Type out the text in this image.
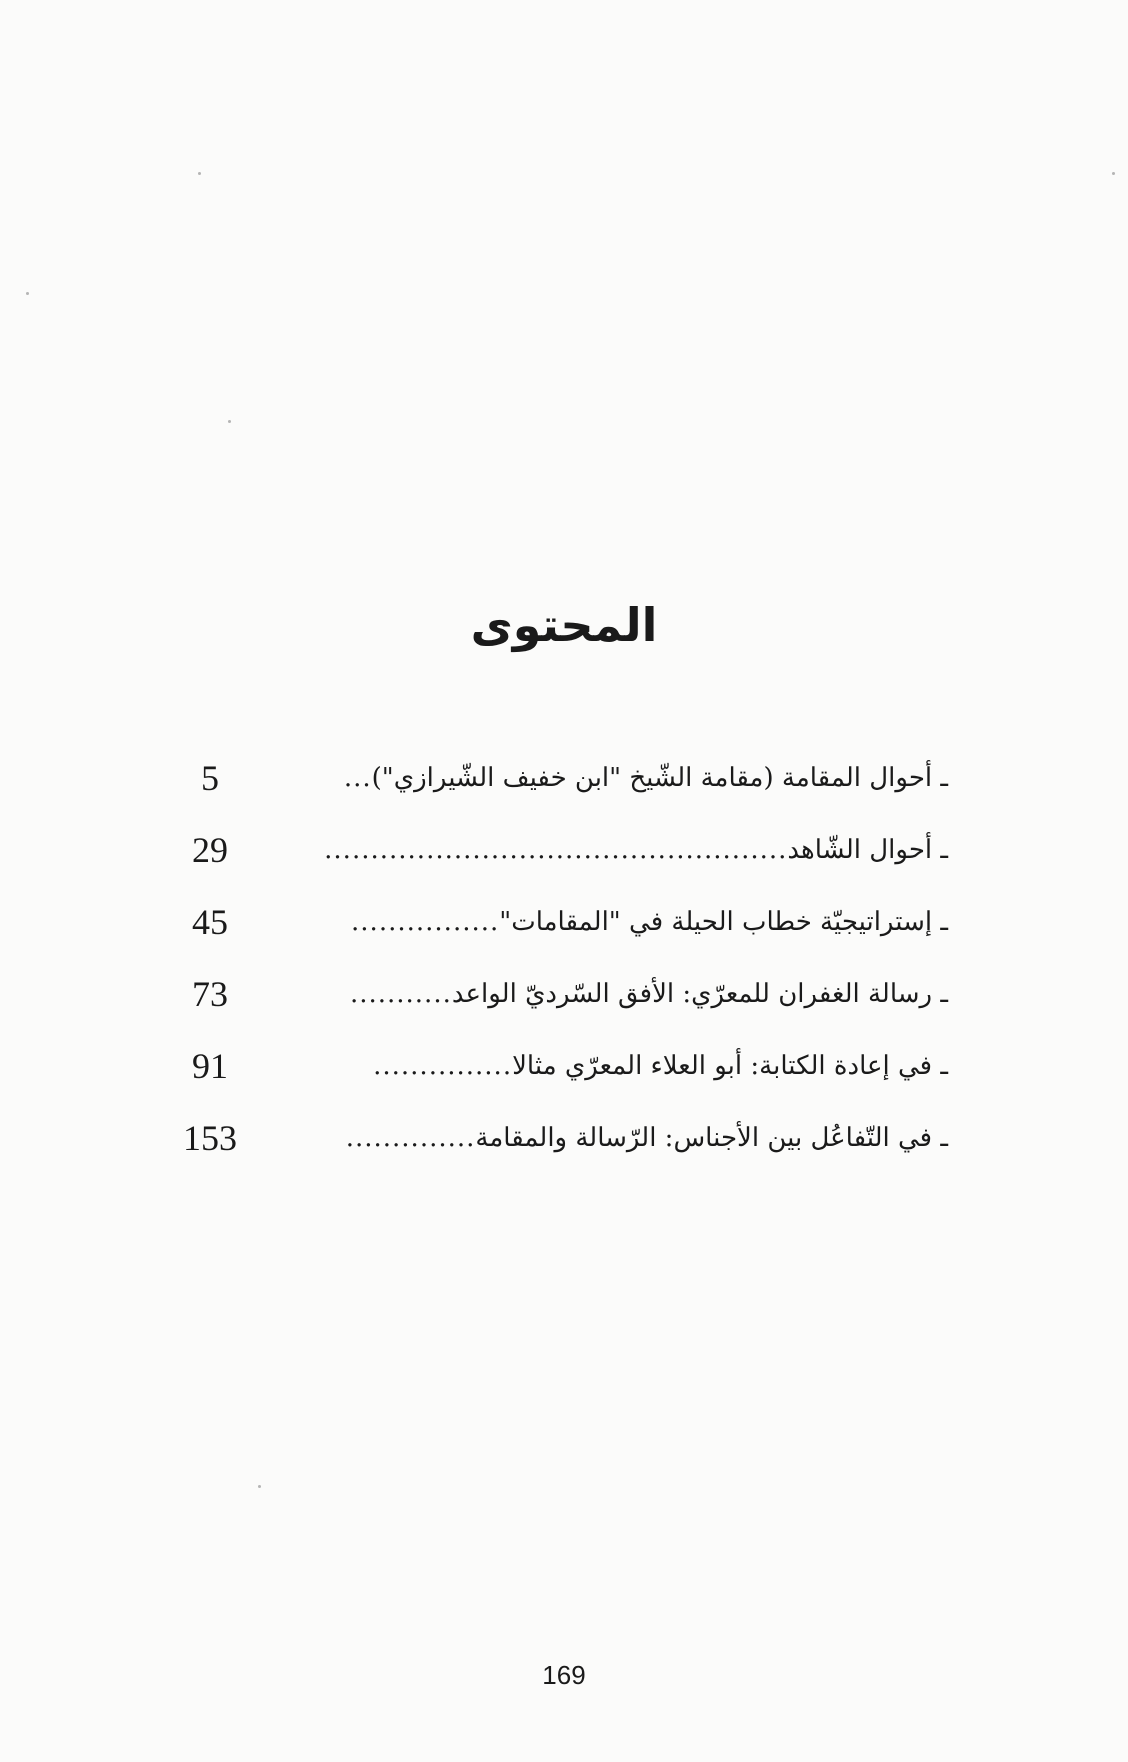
المحتوى
ـ أحوال المقامة (مقامة الشّيخ "ابن خفيف الشّيرازي")
...
5
ـ أحوال الشّاهد
..................................................
29
ـ إستراتيجيّة خطاب الحيلة في "المقامات"
................
45
ـ رسالة الغفران للمعرّي: الأفق السّرديّ الواعد
...........
73
ـ في إعادة الكتابة: أبو العلاء المعرّي مثالا
...............
91
ـ في التّفاعُل بين الأجناس: الرّسالة والمقامة
..............
153
169
